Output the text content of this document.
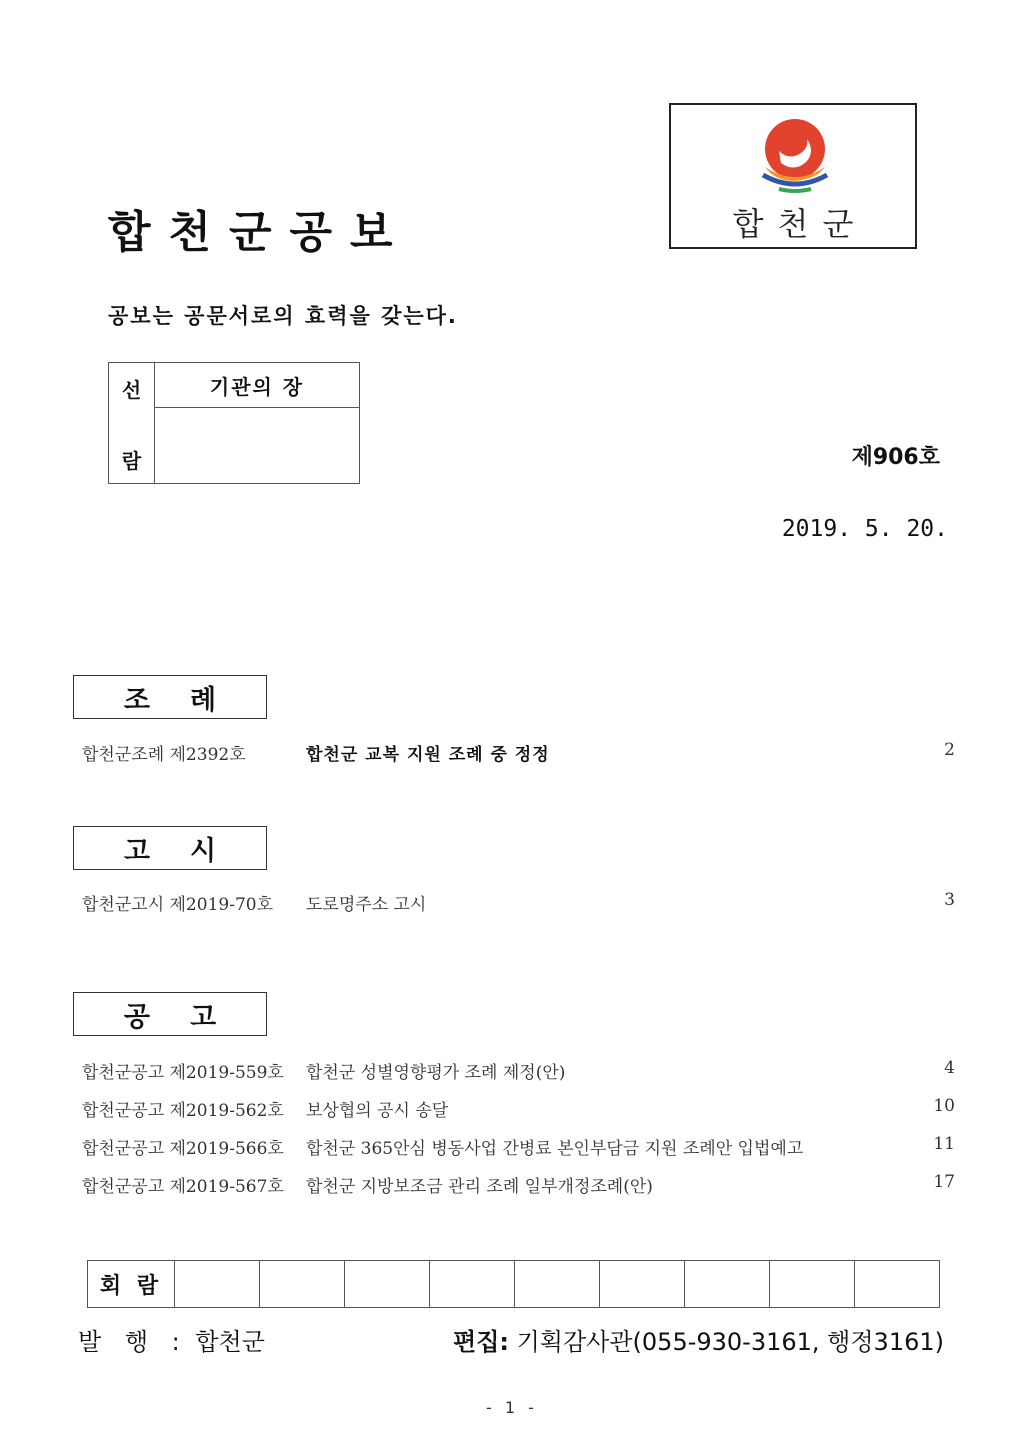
합천군공보	합천군
공보는 공문서로의 효력을 갖는다.
선
람
	기관의 장

제906호
2019. 5. 20.
조례
합천군조례 제2392호	합천군 교복 지원 조례 중 정정	2
고시
합천군고시 제2019-70호 도로명주소 고시	3
공고
합천군공고 제2019-559호 합천군 성별영향평가 조례 제정(안)	4
합천군공고 제2019-562호 보상협의 공시 송달	10
합천군공고 제2019-566호 합천군 365안심 병동사업 간병료 본인부담금 지원 조례안 입법예고	11
합천군공고 제2019-567호 합천군 지방보조금 관리 조례 일부개정조례(안)	17
회 람									
발 행 : 합천군	편집: 기획감사관(055-930-3161, 행정3161)
- 1 -
